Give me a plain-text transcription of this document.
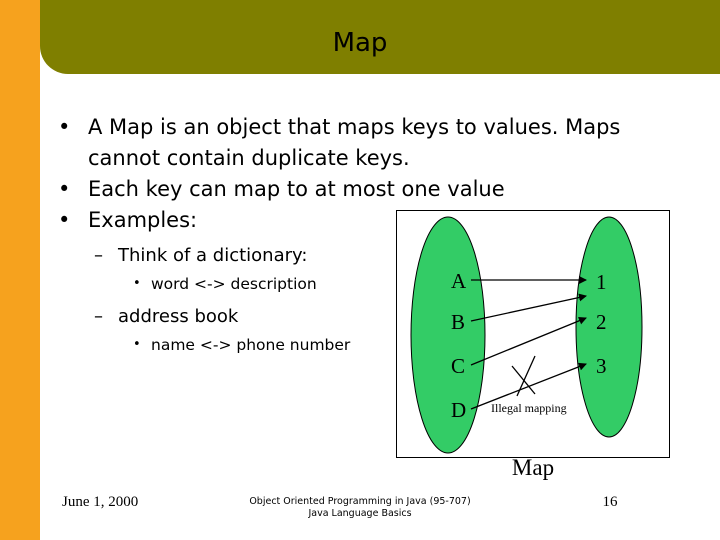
Map
• A Map is an object that maps keys to values. Maps cannot contain duplicate keys.
• Each key can map to at most one value
• Examples:
– Think of a dictionary:
• word <-> description
– address book
• name <-> phone number
A
B
C
D
1
2
3
Illegal mapping
Map
June 1, 2000	Object Oriented Programming in Java (95-707)
Java Language Basics
16
